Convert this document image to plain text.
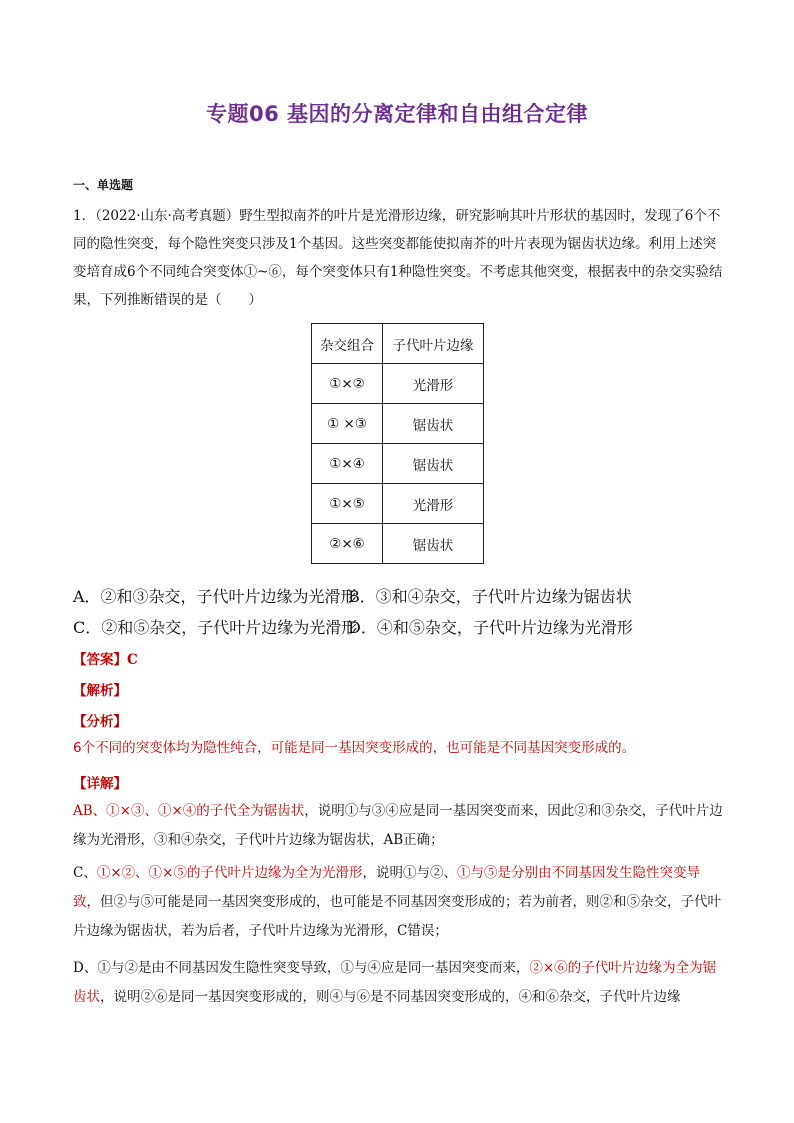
专题06 基因的分离定律和自由组合定律
一、单选题
1．（2022·山东·高考真题）野生型拟南芥的叶片是光滑形边缘，研究影响其叶片形状的基因时，发现了6个不同的隐性突变，每个隐性突变只涉及1个基因。这些突变都能使拟南芥的叶片表现为锯齿状边缘。利用上述突变培育成6个不同纯合突变体①~⑥，每个突变体只有1种隐性突变。不考虑其他突变，根据表中的杂交实验结果，下列推断错误的是（　　）
杂交组合	子代叶片边缘
①×②	光滑形
① ×③	锯齿状
①×④	锯齿状
①×⑤	光滑形
②×⑥	锯齿状
A．②和③杂交，子代叶片边缘为光滑形
B．③和④杂交，子代叶片边缘为锯齿状
C．②和⑤杂交，子代叶片边缘为光滑形
D．④和⑤杂交，子代叶片边缘为光滑形
【答案】C
【解析】
【分析】
6个不同的突变体均为隐性纯合，可能是同一基因突变形成的，也可能是不同基因突变形成的。
【详解】
AB、①×③、①×④的子代全为锯齿状，说明①与③④应是同一基因突变而来，因此②和③杂交，子代叶片边缘为光滑形，③和④杂交，子代叶片边缘为锯齿状，AB正确；
C、①×②、①×⑤的子代叶片边缘为全为光滑形，说明①与②、①与⑤是分别由不同基因发生隐性突变导致，但②与⑤可能是同一基因突变形成的，也可能是不同基因突变形成的；若为前者，则②和⑤杂交，子代叶片边缘为锯齿状，若为后者，子代叶片边缘为光滑形，C错误；
D、①与②是由不同基因发生隐性突变导致，①与④应是同一基因突变而来，②×⑥的子代叶片边缘为全为锯齿状，说明②⑥是同一基因突变形成的，则④与⑥是不同基因突变形成的，④和⑥杂交，子代叶片边缘
